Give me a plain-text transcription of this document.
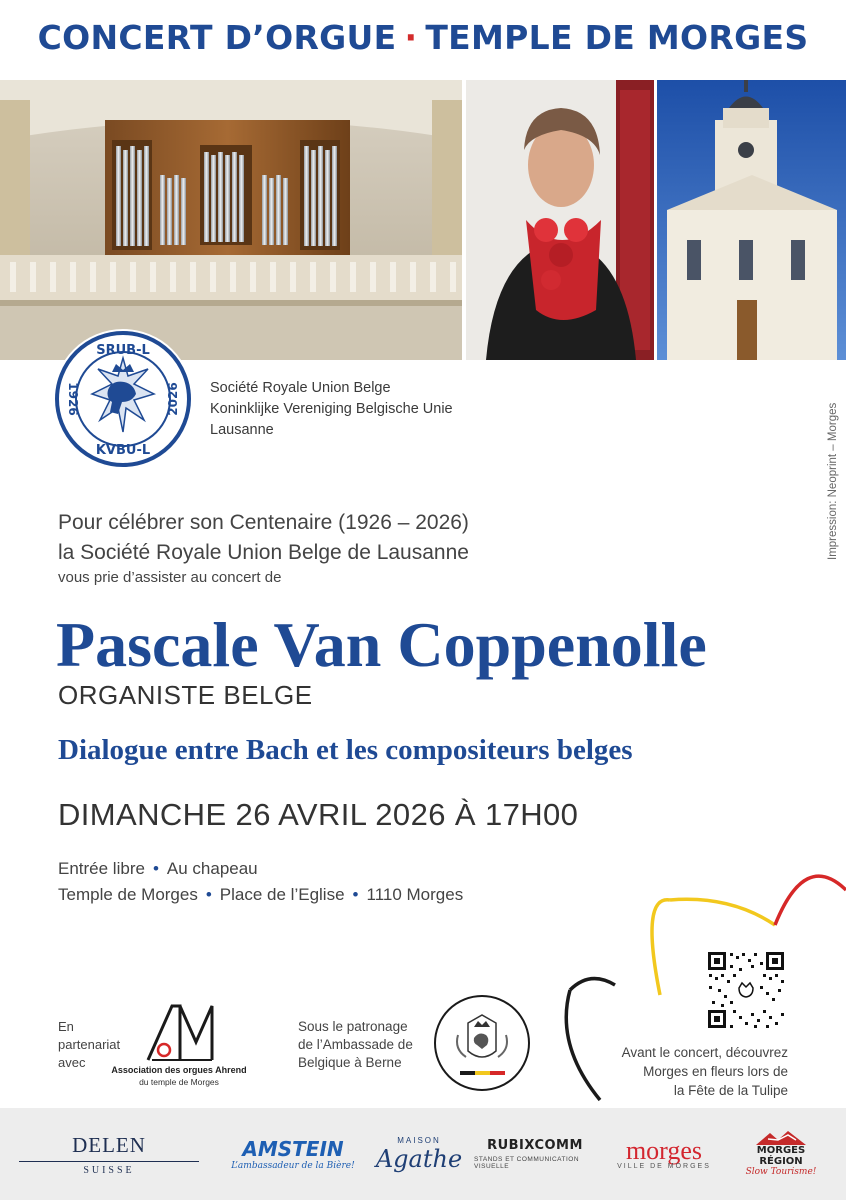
CONCERT D’ORGUE · TEMPLE DE MORGES
SRUB-L
KVBU-L
1926	2026 Société Royale Union Belge
Koninklijke Vereniging Belgische Unie
Lausanne	Impression: Neoprint – Morges
Pour célébrer son Centenaire (1926 – 2026)
la Société Royale Union Belge de Lausanne
vous prie d’assister au concert de
Pascale Van Coppenolle
ORGANISTE BELGE
Dialogue entre Bach et les compositeurs belges
DIMANCHE 26 AVRIL 2026 À 17H00
Entrée libre • Au chapeau
Temple de Morges • Place de l’Eglise • 1110 Morges
Avant le concert, découvrez
Morges en fleurs lors de
la Fête de la Tulipe
En
partenariat
avec	Association des orgues Ahrend
du temple de Morges
Sous le patronage
de l’Ambassade de
Belgique à Berne
DELEN
SUISSE
AMSTEIN
L’ambassadeur de la Bière!
MAISON
Agathe RUBIXCOMM
STANDS ET COMMUNICATION VISUELLE
morges
VILLE DE MORGES
MORGES
RÉGION
Slow Tourisme!
